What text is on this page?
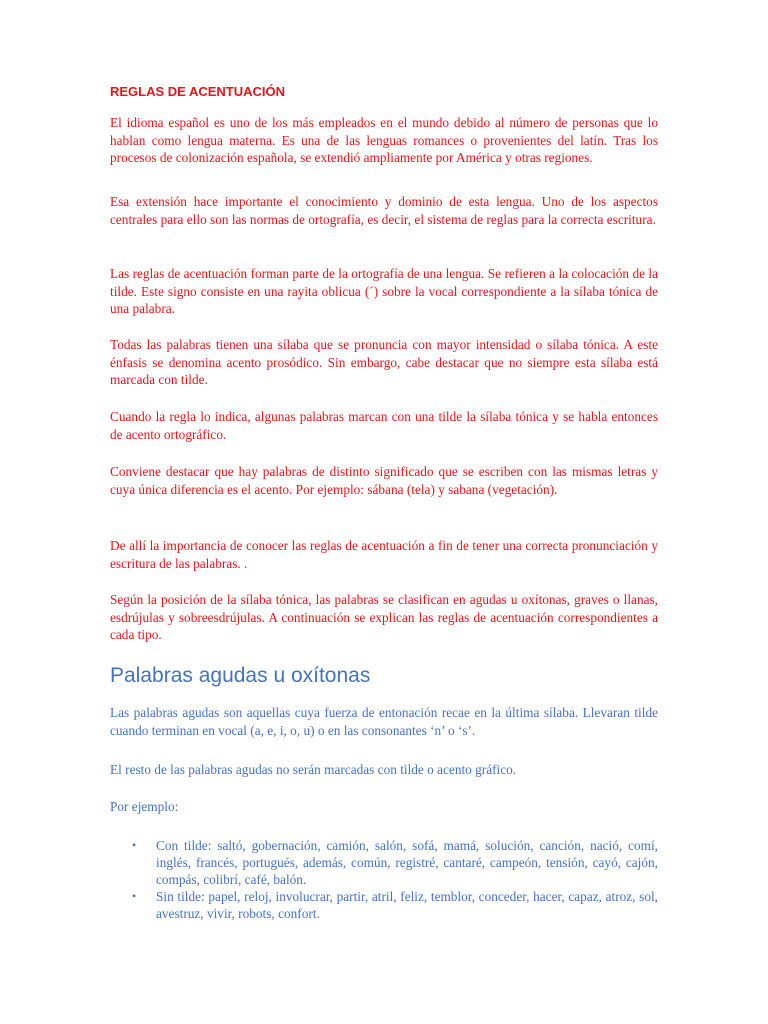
REGLAS DE ACENTUACIÓN

El idioma español es uno de los más empleados en el mundo debido al número de personas que lo hablan como lengua materna. Es una de las lenguas romances o provenientes del latín. Tras los procesos de colonización española, se extendió ampliamente por América y otras regiones.

Esa extensión hace importante el conocimiento y dominio de esta lengua. Uno de los aspectos centrales para ello son las normas de ortografía, es decir, el sistema de reglas para la correcta escritura.

Las reglas de acentuación forman parte de la ortografía de una lengua. Se refieren a la colocación de la tilde. Este signo consiste en una rayita oblicua (´) sobre la vocal correspondiente a la sílaba tónica de una palabra.

Todas las palabras tienen una sílaba que se pronuncia con mayor intensidad o sílaba tónica. A este énfasis se denomina acento prosódico. Sin embargo, cabe destacar que no siempre esta sílaba está marcada con tilde.

Cuando la regla lo indica, algunas palabras marcan con una tilde la sílaba tónica y se habla entonces de acento ortográfico.

Conviene destacar que hay palabras de distinto significado que se escriben con las mismas letras y cuya única diferencia es el acento. Por ejemplo: sábana (tela) y sabana (vegetación).

De allí la importancia de conocer las reglas de acentuación a fin de tener una correcta pronunciación y escritura de las palabras. .

Según la posición de la sílaba tónica, las palabras se clasifican en agudas u oxítonas, graves o llanas, esdrújulas y sobreesdrújulas. A continuación se explican las reglas de acentuación correspondientes a cada tipo.

Palabras agudas u oxítonas

Las palabras agudas son aquellas cuya fuerza de entonación recae en la última sílaba. Llevaran tilde cuando terminan en vocal (a, e, i, o, u) o en las consonantes ‘n’ o ‘s’.

El resto de las palabras agudas no serán marcadas con tilde o acento gráfico.

Por ejemplo:

• Con tilde: saltó, gobernación, camión, salón, sofá, mamá, solución, canción, nació, comí, inglés, francés, portugués, además, común, registré, cantaré, campeón, tensión, cayó, cajón, compás, colibrí, café, balón.
• Sin tilde: papel, reloj, involucrar, partir, atril, feliz, temblor, conceder, hacer, capaz, atroz, sol, avestruz, vivir, robots, confort.
